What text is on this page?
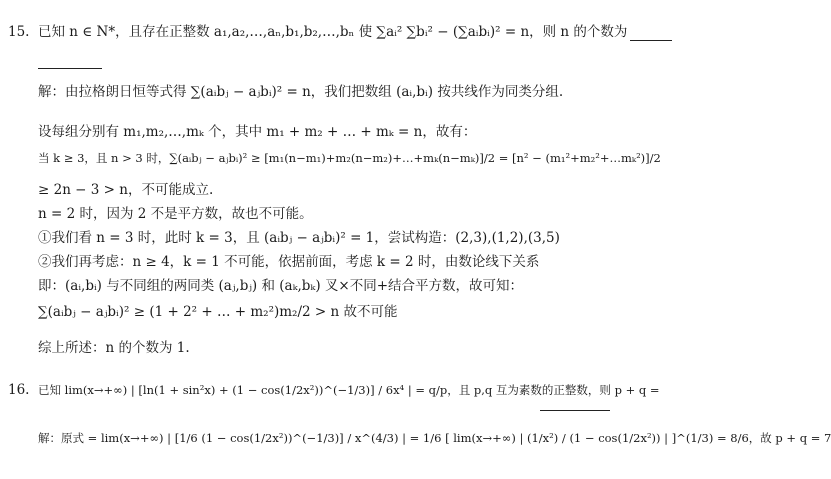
15. 已知 n ∈ N*，且存在正整数 a₁,a₂,…,aₙ,b₁,b₂,…,bₙ 使 ∑aᵢ² ∑bᵢ² − (∑aᵢbᵢ)² = n，则 n 的个数为
解：由拉格朗日恒等式得 ∑(aᵢbⱼ − aⱼbᵢ)² = n，我们把数组 (aᵢ,bᵢ) 按共线作为同类分组.
设每组分别有 m₁,m₂,…,mₖ 个，其中 m₁ + m₂ + … + mₖ = n，故有：
当 k ≥ 3，且 n > 3 时，∑(aᵢbⱼ − aⱼbᵢ)² ≥ [m₁(n−m₁)+m₂(n−m₂)+…+mₖ(n−mₖ)]/2 = [n² − (m₁²+m₂²+…mₖ²)]/2
≥ 2n − 3 > n，不可能成立.
n = 2 时，因为 2 不是平方数，故也不可能。
①我们看 n = 3 时，此时 k = 3，且 (aᵢbⱼ − aⱼbᵢ)² = 1，尝试构造：(2,3),(1,2),(3,5)
②我们再考虑：n ≥ 4，k = 1 不可能，依据前面，考虑 k = 2 时，由数论线下关系
即：(aᵢ,bᵢ) 与不同组的两同类 (aⱼ,bⱼ) 和 (aₖ,bₖ) 叉×不同+结合平方数，故可知：
∑(aᵢbⱼ − aⱼbᵢ)² ≥ (1 + 2² + … + m₂²)m₂/2 > n 故不可能
综上所述：n 的个数为 1.
16. 已知 lim(x→+∞) | [ln(1 + sin²x) + (1 − cos(1/2x²))^(−1/3)] / 6x⁴ | = q/p，且 p,q 互为素数的正整数，则 p + q =
解：原式 = lim(x→+∞) | [1/6 (1 − cos(1/2x²))^(−1/3)] / x^(4/3) | = 1/6 [ lim(x→+∞) | (1/x²) / (1 − cos(1/2x²)) | ]^(1/3) = 8/6，故 p + q = 7
